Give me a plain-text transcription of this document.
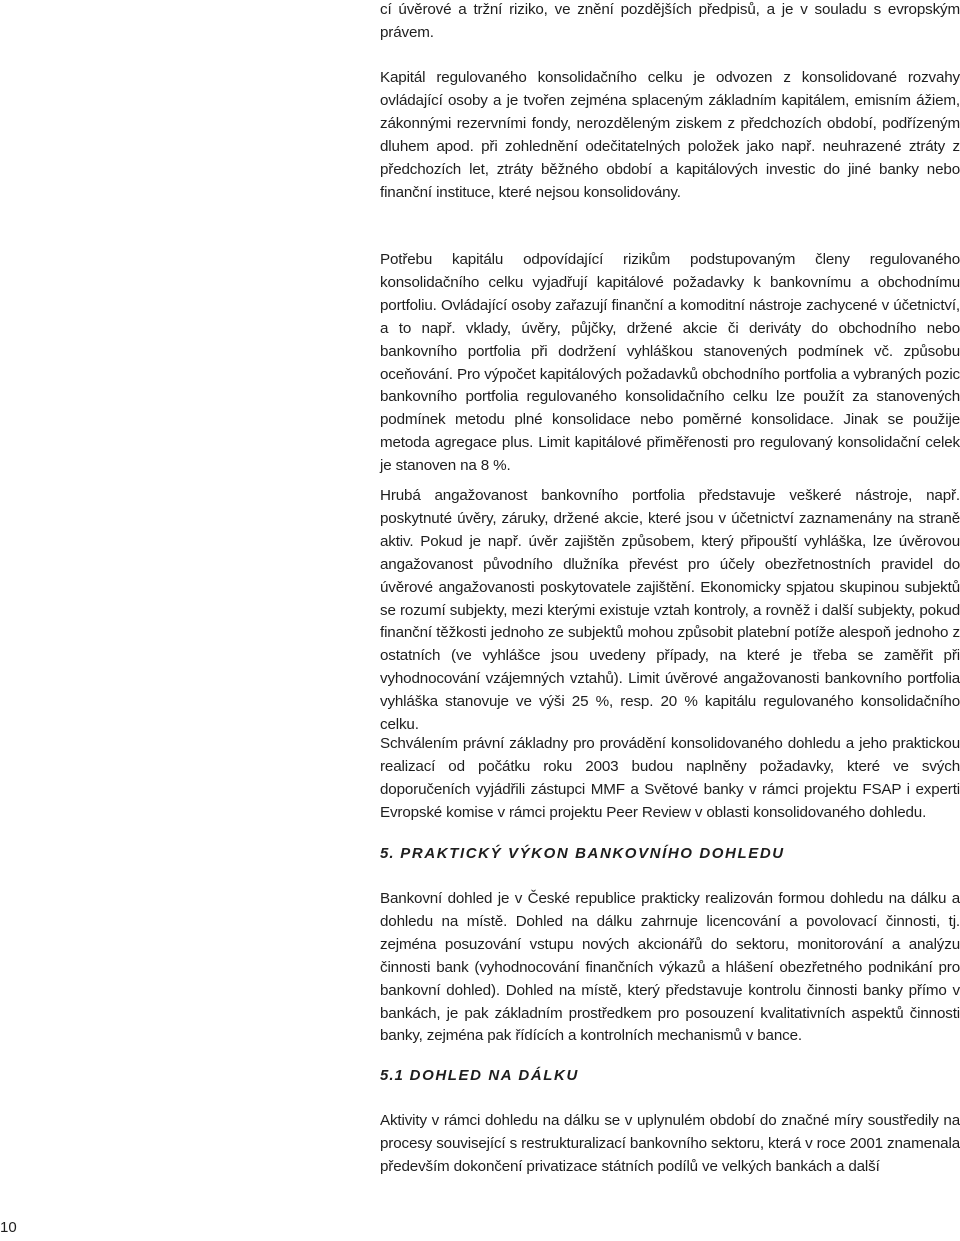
cí úvěrové a tržní riziko, ve znění pozdějších předpisů, a je v souladu s evropským právem.

Kapitál regulovaného konsolidačního celku je odvozen z konsolidované rozvahy ovládající osoby a je tvořen zejména splaceným základním kapitálem, emisním ážiem, zákonnými rezervními fondy, nerozděleným ziskem z předchozích období, podřízeným dluhem apod. při zohlednění odečitatelných položek jako např. neuhrazené ztráty z předchozích let, ztráty běžného období a kapitálových investic do jiné banky nebo finanční instituce, které nejsou konsolidovány.

Potřebu kapitálu odpovídající rizikům podstupovaným členy regulovaného konsolidačního celku vyjadřují kapitálové požadavky k bankovnímu a obchodnímu portfoliu. Ovládající osoby zařazují finanční a komoditní nástroje zachycené v účetnictví, a to např. vklady, úvěry, půjčky, držené akcie či deriváty do obchodního nebo bankovního portfolia při dodržení vyhláškou stanovených podmínek vč. způsobu oceňování. Pro výpočet kapitálových požadavků obchodního portfolia a vybraných pozic bankovního portfolia regulovaného konsolidačního celku lze použít za stanovených podmínek metodu plné konsolidace nebo poměrné konsolidace. Jinak se použije metoda agregace plus. Limit kapitálové přiměřenosti pro regulovaný konsolidační celek je stanoven na 8 %.

Hrubá angažovanost bankovního portfolia představuje veškeré nástroje, např. poskytnuté úvěry, záruky, držené akcie, které jsou v účetnictví zaznamenány na straně aktiv. Pokud je např. úvěr zajištěn způsobem, který připouští vyhláška, lze úvěrovou angažovanost původního dlužníka převést pro účely obezřetnostních pravidel do úvěrové angažovanosti poskytovatele zajištění. Ekonomicky spjatou skupinou subjektů se rozumí subjekty, mezi kterými existuje vztah kontroly, a rovněž i další subjekty, pokud finanční těžkosti jednoho ze subjektů mohou způsobit platební potíže alespoň jednoho z ostatních (ve vyhlášce jsou uvedeny případy, na které je třeba se zaměřit při vyhodnocování vzájemných vztahů). Limit úvěrové angažovanosti bankovního portfolia vyhláška stanovuje ve výši 25 %, resp. 20 % kapitálu regulovaného konsolidačního celku.

Schválením právní základny pro provádění konsolidovaného dohledu a jeho praktickou realizací od počátku roku 2003 budou naplněny požadavky, které ve svých doporučeních vyjádřili zástupci MMF a Světové banky v rámci projektu FSAP i experti Evropské komise v rámci projektu Peer Review v oblasti konsolidovaného dohledu.

5. PRAKTICKÝ VÝKON BANKOVNÍHO DOHLEDU

Bankovní dohled je v České republice prakticky realizován formou dohledu na dálku a dohledu na místě. Dohled na dálku zahrnuje licencování a povolovací činnosti, tj. zejména posuzování vstupu nových akcionářů do sektoru, monitorování a analýzu činnosti bank (vyhodnocování finančních výkazů a hlášení obezřetného podnikání pro bankovní dohled). Dohled na místě, který představuje kontrolu činnosti banky přímo v bankách, je pak základním prostředkem pro posouzení kvalitativních aspektů činnosti banky, zejména pak řídících a kontrolních mechanismů v bance.

5.1 DOHLED NA DÁLKU

Aktivity v rámci dohledu na dálku se v uplynulém období do značné míry soustředily na procesy související s restrukturalizací bankovního sektoru, která v roce 2001 znamenala především dokončení privatizace státních podílů ve velkých bankách a další

10
